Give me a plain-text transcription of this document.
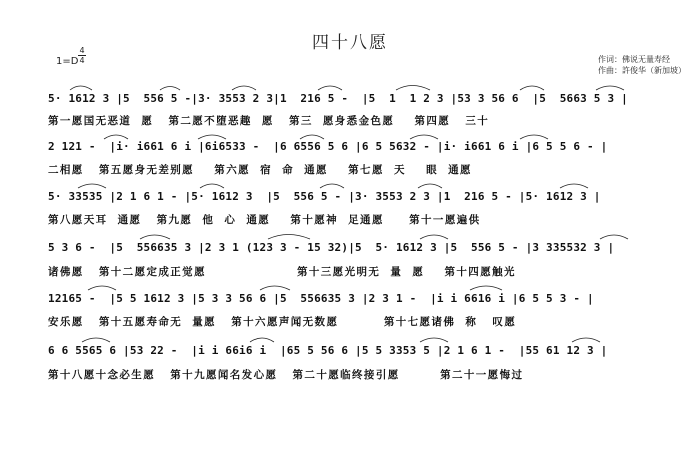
四十八愿
1=D
4
4	作词：佛说无量寿经
作曲：許俊华（新加坡）
5· 1612 3 |5  556 5 -|3· 3553 2 3|1  216 5 -  |5  1  1 2 3 |53 3 56 6  |5  5663 5 3 |
第一愿国无恶道  愿   第二愿不堕恶趣  愿   第三  愿身悉金色愿    第四愿   三十
2 121 -  |i· i661 6 i |6i6533 -  |6 6556 5 6 |6 5 5632 - |i· i661 6 i |6 5 5 6 - |
二相愿   第五愿身无差别愿    第六愿  宿  命  通愿    第七愿  天    眼  通愿
5· 33535 |2 1 6 1 - |5· 1612 3  |5  556 5 - |3· 3553 2 3 |1  216 5 - |5· 1612 3 |
第八愿天耳  通愿   第九愿  他  心  通愿    第十愿神  足通愿     第十一愿遍供
5 3 6 -  |5  556635 3 |2 3 1 (123 3 - 15 32)|5  5· 1612 3 |5  556 5 - |3 335532 3 |
诸佛愿   第十二愿定成正觉愿                  第十三愿光明无  量  愿    第十四愿触光
12165 -  |5 5 1612 3 |5 3 3 56 6 |5  556635 3 |2 3 1 -  |i i 6616 i |6 5 5 3 - |
安乐愿   第十五愿寿命无  量愿   第十六愿声闻无数愿         第十七愿诸佛  称   叹愿
6 6 5565 6 |53 22 -  |i i 66i6 i  |65 5 56 6 |5 5 3353 5 |2 1 6 1 -  |55 61 12 3 |
第十八愿十念必生愿   第十九愿闻名发心愿   第二十愿临终接引愿        第二十一愿悔过
